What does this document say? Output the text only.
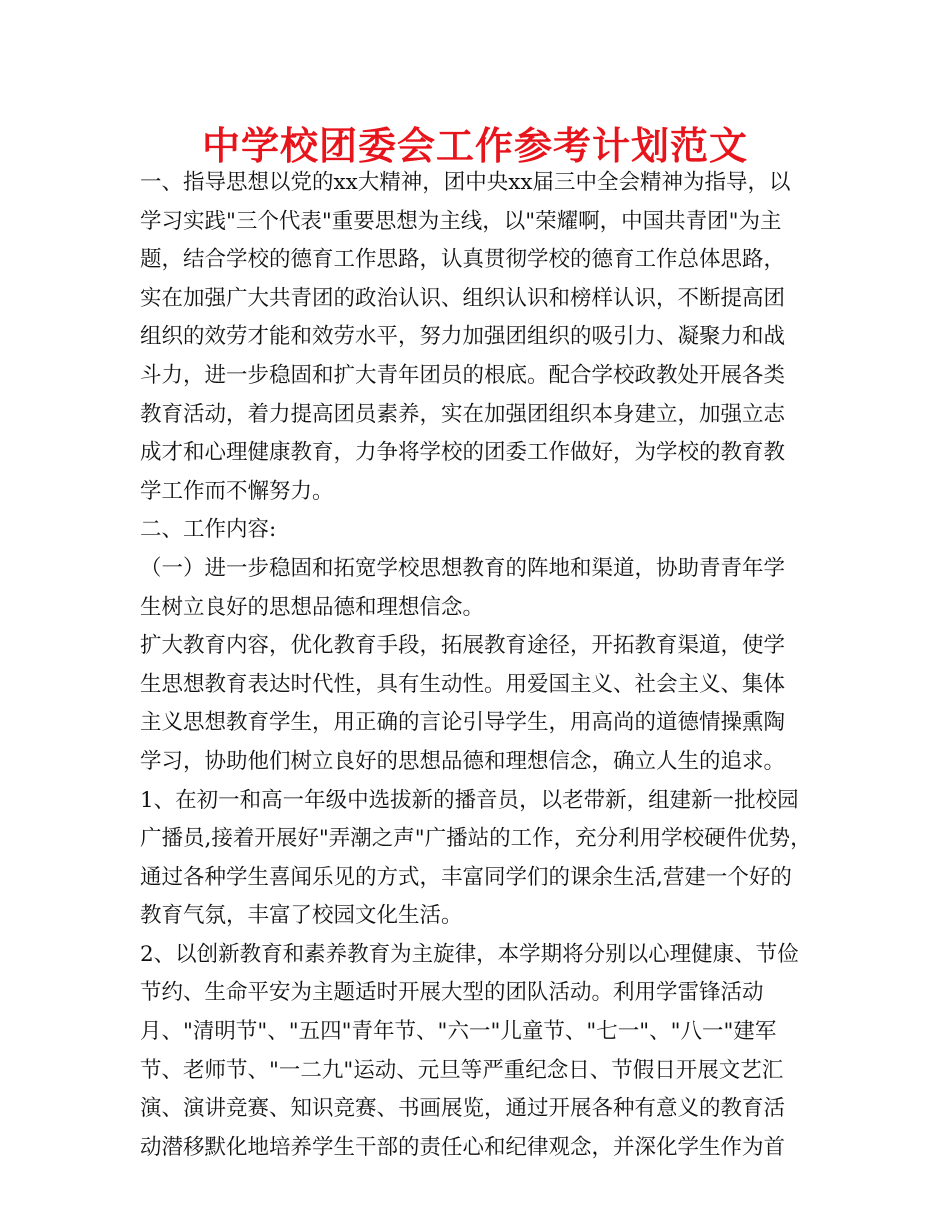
中学校团委会工作参考计划范文
一、指导思想以党的xx大精神，团中央xx届三中全会精神为指导，以
学习实践"三个代表"重要思想为主线，以"荣耀啊，中国共青团"为主
题，结合学校的德育工作思路，认真贯彻学校的德育工作总体思路，
实在加强广大共青团的政治认识、组织认识和榜样认识，不断提高团
组织的效劳才能和效劳水平，努力加强团组织的吸引力、凝聚力和战
斗力，进一步稳固和扩大青年团员的根底。配合学校政教处开展各类
教育活动，着力提高团员素养，实在加强团组织本身建立，加强立志
成才和心理健康教育，力争将学校的团委工作做好，为学校的教育教
学工作而不懈努力。
二、工作内容:
（一）进一步稳固和拓宽学校思想教育的阵地和渠道，协助青青年学
生树立良好的思想品德和理想信念。
扩大教育内容，优化教育手段，拓展教育途径，开拓教育渠道，使学
生思想教育表达时代性，具有生动性。用爱国主义、社会主义、集体
主义思想教育学生，用正确的言论引导学生，用高尚的道德情操熏陶
学习，协助他们树立良好的思想品德和理想信念，确立人生的追求。
1、在初一和高一年级中选拔新的播音员，以老带新，组建新一批校园
广播员,接着开展好"弄潮之声"广播站的工作，充分利用学校硬件优势，
通过各种学生喜闻乐见的方式，丰富同学们的课余生活,营建一个好的
教育气氛，丰富了校园文化生活。
2、以创新教育和素养教育为主旋律，本学期将分别以心理健康、节俭
节约、生命平安为主题适时开展大型的团队活动。利用学雷锋活动
月、"清明节"、"五四"青年节、"六一"儿童节、"七一"、"八一"建军
节、老师节、"一二九"运动、元旦等严重纪念日、节假日开展文艺汇
演、演讲竞赛、知识竞赛、书画展览，通过开展各种有意义的教育活
动潜移默化地培养学生干部的责任心和纪律观念，并深化学生作为首
